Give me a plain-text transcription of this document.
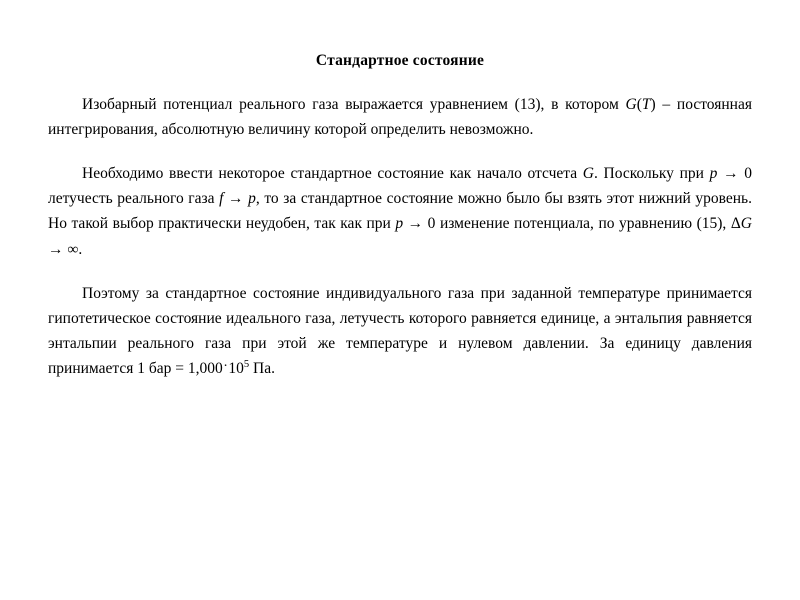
Стандартное состояние

Изобарный потенциал реального газа выражается уравнением (13), в котором G(T) – постоянная интегрирования, абсолютную величину которой определить невозможно.

Необходимо ввести некоторое стандартное состояние как начало отсчета G. Поскольку при p → 0 летучесть реального газа f → p, то за стандартное состояние можно было бы взять этот нижний уровень. Но такой выбор практически неудобен, так как при p → 0 изменение потенциала, по уравнению (15), ΔG → ∞.

Поэтому за стандартное состояние индивидуального газа при заданной температуре принимается гипотетическое состояние идеального газа, летучесть которого равняется единице, а энтальпия равняется энтальпии реального газа при этой же температуре и нулевом давлении. За единицу давления принимается 1 бар = $1,000\cdot 10^5$ Па.
